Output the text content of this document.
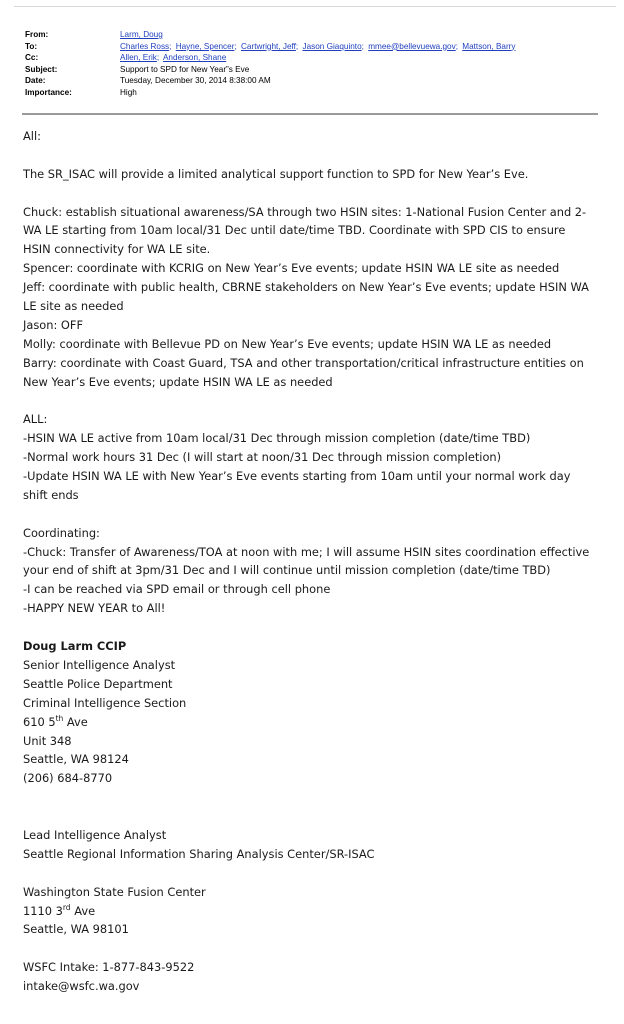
From:	Larm, Doug
To:	Charles Ross; Hayne, Spencer; Cartwright, Jeff; Jason Giaquinto; mmee@bellevuewa.gov; Mattson, Barry
Cc:	Allen, Erik; Anderson, Shane
Subject:	Support to SPD for New Year”s Eve
Date:	Tuesday, December 30, 2014 8:38:00 AM
Importance:	High
All:
The SR_ISAC will provide a limited analytical support function to SPD for New Year’s Eve.
Chuck: establish situational awareness/SA through two HSIN sites: 1-National Fusion Center and 2-
WA LE starting from 10am local/31 Dec until date/time TBD. Coordinate with SPD CIS to ensure
HSIN connectivity for WA LE site.
Spencer: coordinate with KCRIG on New Year’s Eve events; update HSIN WA LE site as needed
Jeff: coordinate with public health, CBRNE stakeholders on New Year’s Eve events; update HSIN WA
LE site as needed
Jason: OFF
Molly: coordinate with Bellevue PD on New Year’s Eve events; update HSIN WA LE as needed
Barry: coordinate with Coast Guard, TSA and other transportation/critical infrastructure entities on
New Year’s Eve events; update HSIN WA LE as needed
ALL:
-HSIN WA LE active from 10am local/31 Dec through mission completion (date/time TBD)
-Normal work hours 31 Dec (I will start at noon/31 Dec through mission completion)
-Update HSIN WA LE with New Year’s Eve events starting from 10am until your normal work day
shift ends
Coordinating:
-Chuck: Transfer of Awareness/TOA at noon with me; I will assume HSIN sites coordination effective
your end of shift at 3pm/31 Dec and I will continue until mission completion (date/time TBD)
-I can be reached via SPD email or through cell phone
-HAPPY NEW YEAR to All!
Doug Larm CCIP
Senior Intelligence Analyst
Seattle Police Department
Criminal Intelligence Section
610 5th Ave
Unit 348
Seattle, WA 98124
(206) 684-8770
Lead Intelligence Analyst
Seattle Regional Information Sharing Analysis Center/SR-ISAC
Washington State Fusion Center
1110 3rd Ave
Seattle, WA 98101
WSFC Intake: 1-877-843-9522
intake@wsfc.wa.gov
